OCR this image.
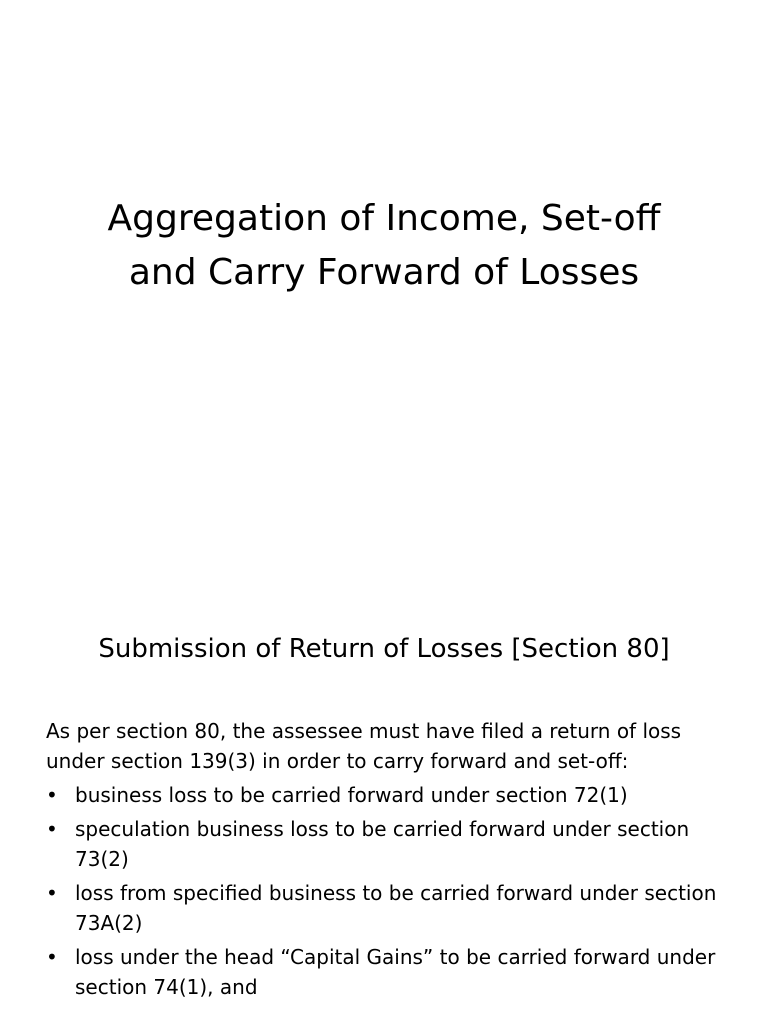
Aggregation of Income, Set-off
and Carry Forward of Losses
Submission of Return of Losses [Section 80]

As per section 80, the assessee must have filed a return of loss under section 139(3) in order to carry forward and set-off:

• business loss to be carried forward under section 72(1)
• speculation business loss to be carried forward under section 73(2)
• loss from specified business to be carried forward under section 73A(2)
• loss under the head “Capital Gains” to be carried forward under section 74(1), and
